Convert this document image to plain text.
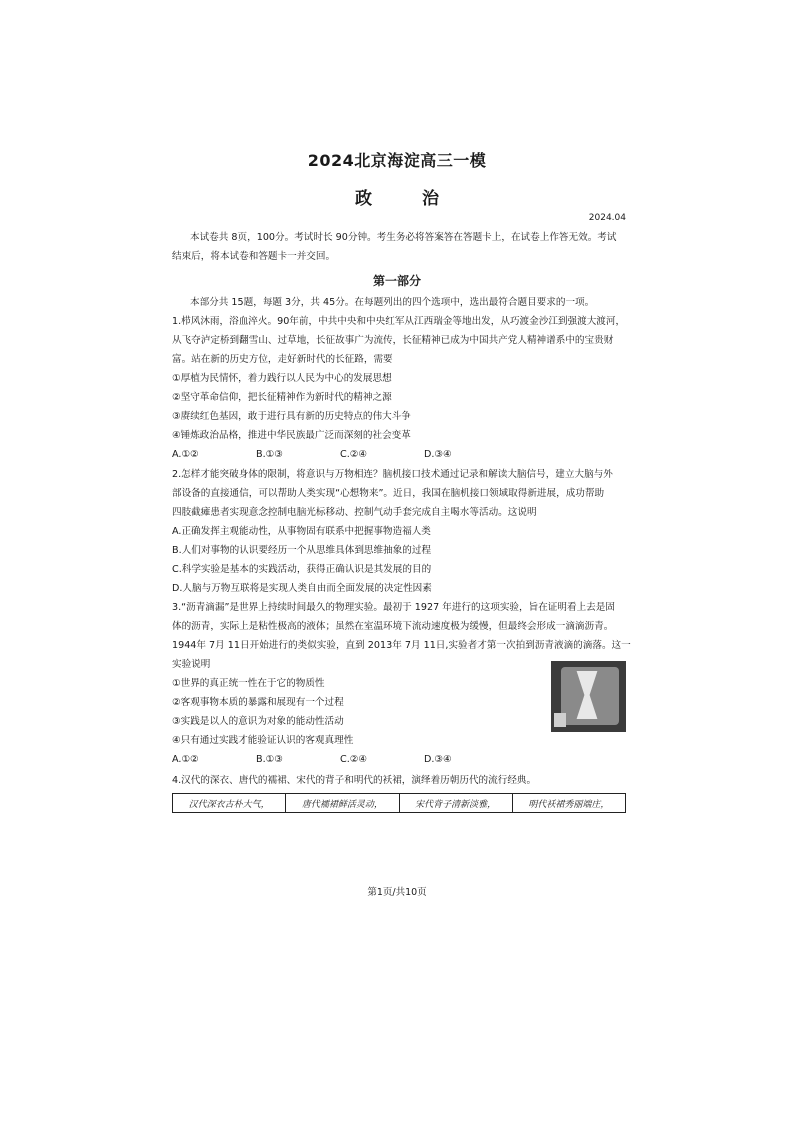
2024北京海淀高三一模
政 治
2024.04
本试卷共 8页，100分。考试时长 90分钟。考生务必将答案答在答题卡上，在试卷上作答无效。考试
结束后，将本试卷和答题卡一并交回。
第一部分
本部分共 15题，每题 3分，共 45分。在每题列出的四个选项中，选出最符合题目要求的一项。
1.栉风沐雨，浴血淬火。90年前，中共中央和中央红军从江西瑞金等地出发，从巧渡金沙江到强渡大渡河，
从飞夺泸定桥到翻雪山、过草地，长征故事广为流传，长征精神已成为中国共产党人精神谱系中的宝贵财
富。站在新的历史方位，走好新时代的长征路，需要
①厚植为民情怀，着力践行以人民为中心的发展思想
②坚守革命信仰，把长征精神作为新时代的精神之源
③赓续红色基因，敢于进行具有新的历史特点的伟大斗争
④锤炼政治品格，推进中华民族最广泛而深刻的社会变革
A.①②	B.①③	C.②④	D.③④
2.怎样才能突破身体的限制，将意识与万物相连？脑机接口技术通过记录和解读大脑信号，建立大脑与外
部设备的直接通信，可以帮助人类实现“心想物来”。近日，我国在脑机接口领域取得新进展，成功帮助
四肢截瘫患者实现意念控制电脑光标移动、控制气动手套完成自主喝水等活动。这说明
A.正确发挥主观能动性，从事物固有联系中把握事物造福人类
B.人们对事物的认识要经历一个从思维具体到思维抽象的过程
C.科学实验是基本的实践活动，获得正确认识是其发展的目的
D.人脑与万物互联将是实现人类自由而全面发展的决定性因素
3.“沥青滴漏”是世界上持续时间最久的物理实验。最初于 1927 年进行的这项实验，旨在证明看上去是固
体的沥青，实际上是粘性极高的液体；虽然在室温环境下流动速度极为缓慢，但最终会形成一滴滴沥青。
1944年 7月 11日开始进行的类似实验，直到 2013年 7月 11日,实验者才第一次拍到沥青液滴的滴落。这一
实验说明
①世界的真正统一性在于它的物质性
②客观事物本质的暴露和展现有一个过程
③实践是以人的意识为对象的能动性活动
④只有通过实践才能验证认识的客观真理性
A.①②	B.①③	C.②④	D.③④
4.汉代的深衣、唐代的襦裙、宋代的背子和明代的袄裙，演绎着历朝历代的流行经典。
汉代深衣古朴大气，	唐代襦裙鲜活灵动，	宋代背子清新淡雅，	明代袄裙秀丽端庄，
第1页/共10页
